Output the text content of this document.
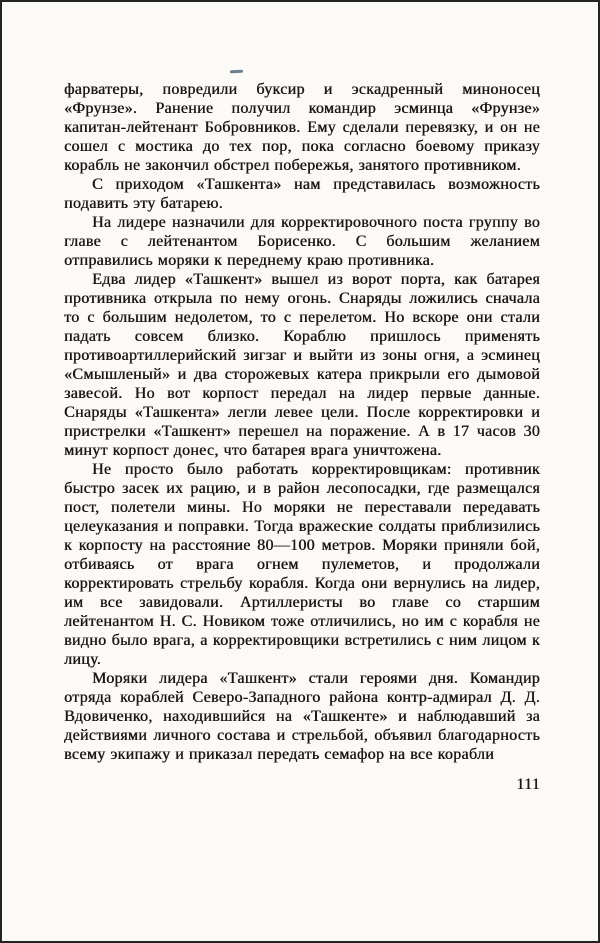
фарватеры, повредили буксир и эскадренный миноносец «Фрунзе». Ранение получил командир эсминца «Фрунзе» капитан-лейтенант Бобровников. Ему сделали перевязку, и он не сошел с мостика до тех пор, пока согласно боевому приказу корабль не закончил обстрел побережья, занятого противником.

С приходом «Ташкента» нам представилась возможность подавить эту батарею.

На лидере назначили для корректировочного поста группу во главе с лейтенантом Борисенко. С большим желанием отправились моряки к переднему краю противника.

Едва лидер «Ташкент» вышел из ворот порта, как батарея противника открыла по нему огонь. Снаряды ложились сначала то с большим недолетом, то с перелетом. Но вскоре они стали падать совсем близко. Кораблю пришлось применять противоартиллерийский зигзаг и выйти из зоны огня, а эсминец «Смышленый» и два сторожевых катера прикрыли его дымовой завесой. Но вот корпост передал на лидер первые данные. Снаряды «Ташкента» легли левее цели. После корректировки и пристрелки «Ташкент» перешел на поражение. А в 17 часов 30 минут корпост донес, что батарея врага уничтожена.

Не просто было работать корректировщикам: противник быстро засек их рацию, и в район лесопосадки, где размещался пост, полетели мины. Но моряки не переставали передавать целеуказания и поправки. Тогда вражеские солдаты приблизились к корпосту на расстояние 80—100 метров. Моряки приняли бой, отбиваясь от врага огнем пулеметов, и продолжали корректировать стрельбу корабля. Когда они вернулись на лидер, им все завидовали. Артиллеристы во главе со старшим лейтенантом Н. С. Новиком тоже отличились, но им с корабля не видно было врага, а корректировщики встретились с ним лицом к лицу.

Моряки лидера «Ташкент» стали героями дня. Командир отряда кораблей Северо-Западного района контр-адмирал Д. Д. Вдовиченко, находившийся на «Ташкенте» и наблюдавший за действиями личного состава и стрельбой, объявил благодарность всему экипажу и приказал передать семафор на все корабли

111
